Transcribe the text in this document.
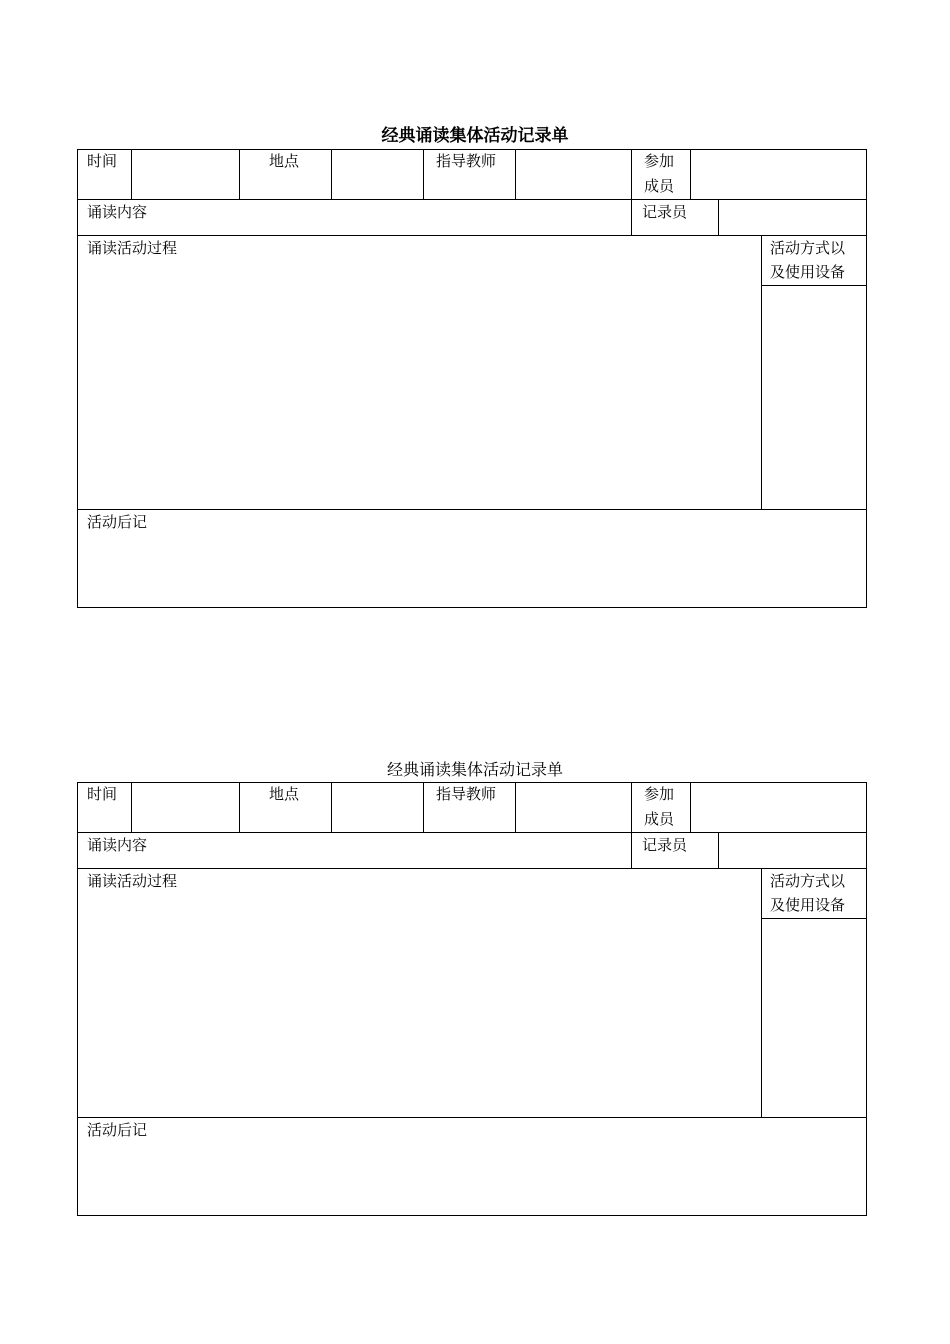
经典诵读集体活动记录单
时间	地点	指导教师	参加
成员
诵读内容	记录员
诵读活动过程	活动方式以
及使用设备
活动后记
经典诵读集体活动记录单
时间	地点	指导教师	参加
成员
诵读内容	记录员
诵读活动过程	活动方式以
及使用设备
活动后记
